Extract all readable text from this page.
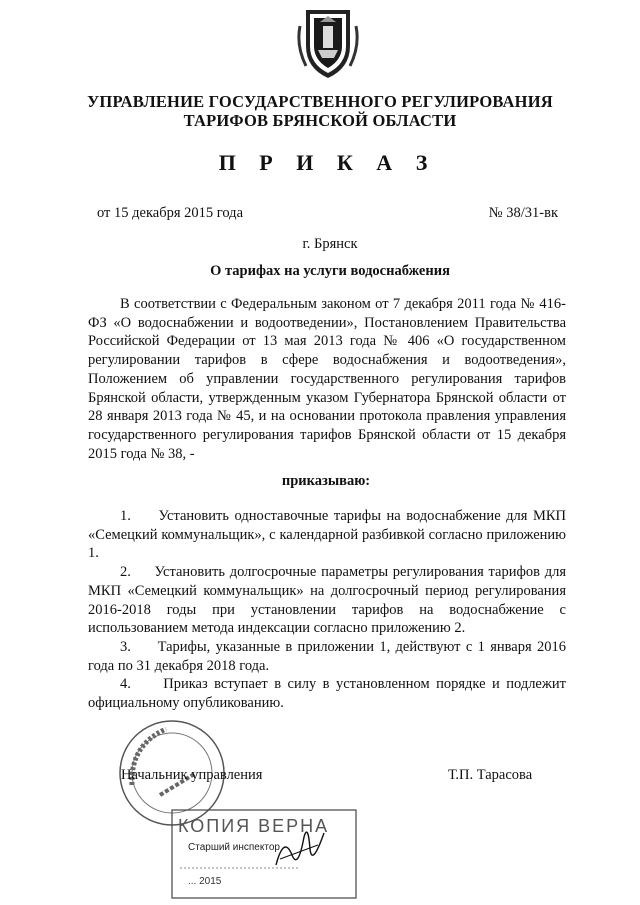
УПРАВЛЕНИЕ ГОСУДАРСТВЕННОГО РЕГУЛИРОВАНИЯ
ТАРИФОВ БРЯНСКОЙ ОБЛАСТИ
П Р И К А З
от 15 декабря 2015 года	№ 38/31-вк
г. Брянск
О тарифах на услуги водоснабжения
В соответствии с Федеральным законом от 7 декабря 2011 года № 416-ФЗ «О водоснабжении и водоотведении», Постановлением Правительства Российской Федерации от 13 мая 2013 года № 406 «О государственном регулировании тарифов в сфере водоснабжения и водоотведения», Положением об управлении государственного регулирования тарифов Брянской области, утвержденным указом Губернатора Брянской области от 28 января 2013 года № 45, и на основании протокола правления управления государственного регулирования тарифов Брянской области от 15 декабря 2015 года № 38, -
приказываю:

1.     Установить одноставочные тарифы на водоснабжение для МКП «Семецкий коммунальщик», с календарной разбивкой согласно приложению 1.

2.     Установить долгосрочные параметры регулирования тарифов для МКП «Семецкий коммунальщик» на долгосрочный период регулирования 2016-2018 годы при установлении тарифов на водоснабжение с использованием метода индексации согласно приложению 2.

3.     Тарифы, указанные в приложении 1, действуют с 1 января 2016 года по 31 декабря 2018 года.

4.     Приказ вступает в силу в установленном порядке и подлежит официальному опубликованию.

Начальник управления	Т.П. Тарасова
КОПИЯ ВЕРНА
Старший инспектор
... 2015
